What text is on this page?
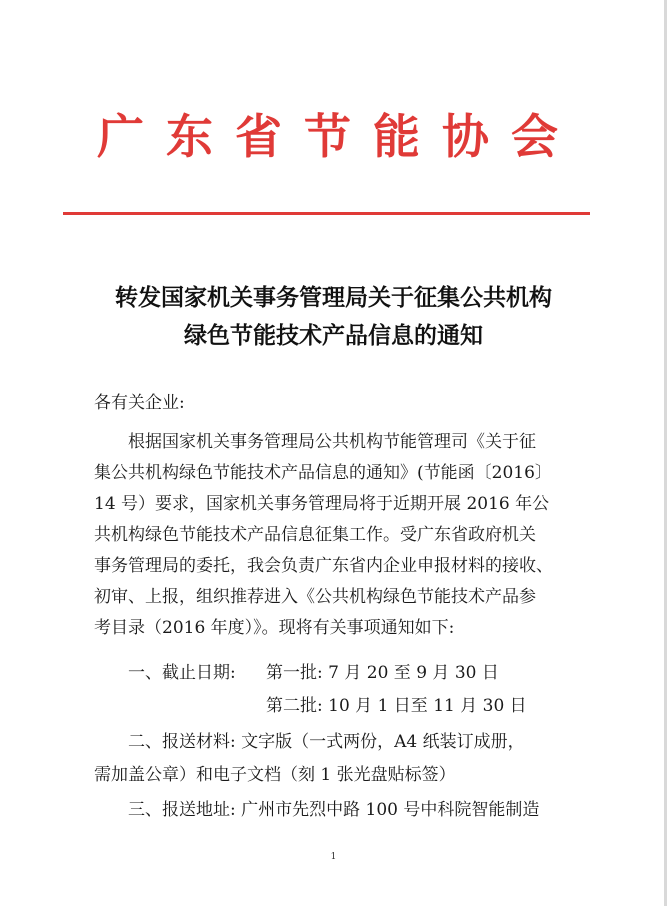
广东省节能协会
转发国家机关事务管理局关于征集公共机构
绿色节能技术产品信息的通知
各有关企业:
根据国家机关事务管理局公共机构节能管理司《关于征
集公共机构绿色节能技术产品信息的通知》(节能函〔2016〕
14 号）要求，国家机关事务管理局将于近期开展 2016 年公
共机构绿色节能技术产品信息征集工作。受广东省政府机关
事务管理局的委托，我会负责广东省内企业申报材料的接收、
初审、上报，组织推荐进入《公共机构绿色节能技术产品参
考目录（2016 年度）》。现将有关事项通知如下:
一、截止日期: 第一批: 7 月 20 至 9 月 30 日
第二批: 10 月 1 日至 11 月 30 日
二、报送材料: 文字版（一式两份，A4 纸装订成册，
需加盖公章）和电子文档（刻 1 张光盘贴标签）
三、报送地址: 广州市先烈中路 100 号中科院智能制造
1
